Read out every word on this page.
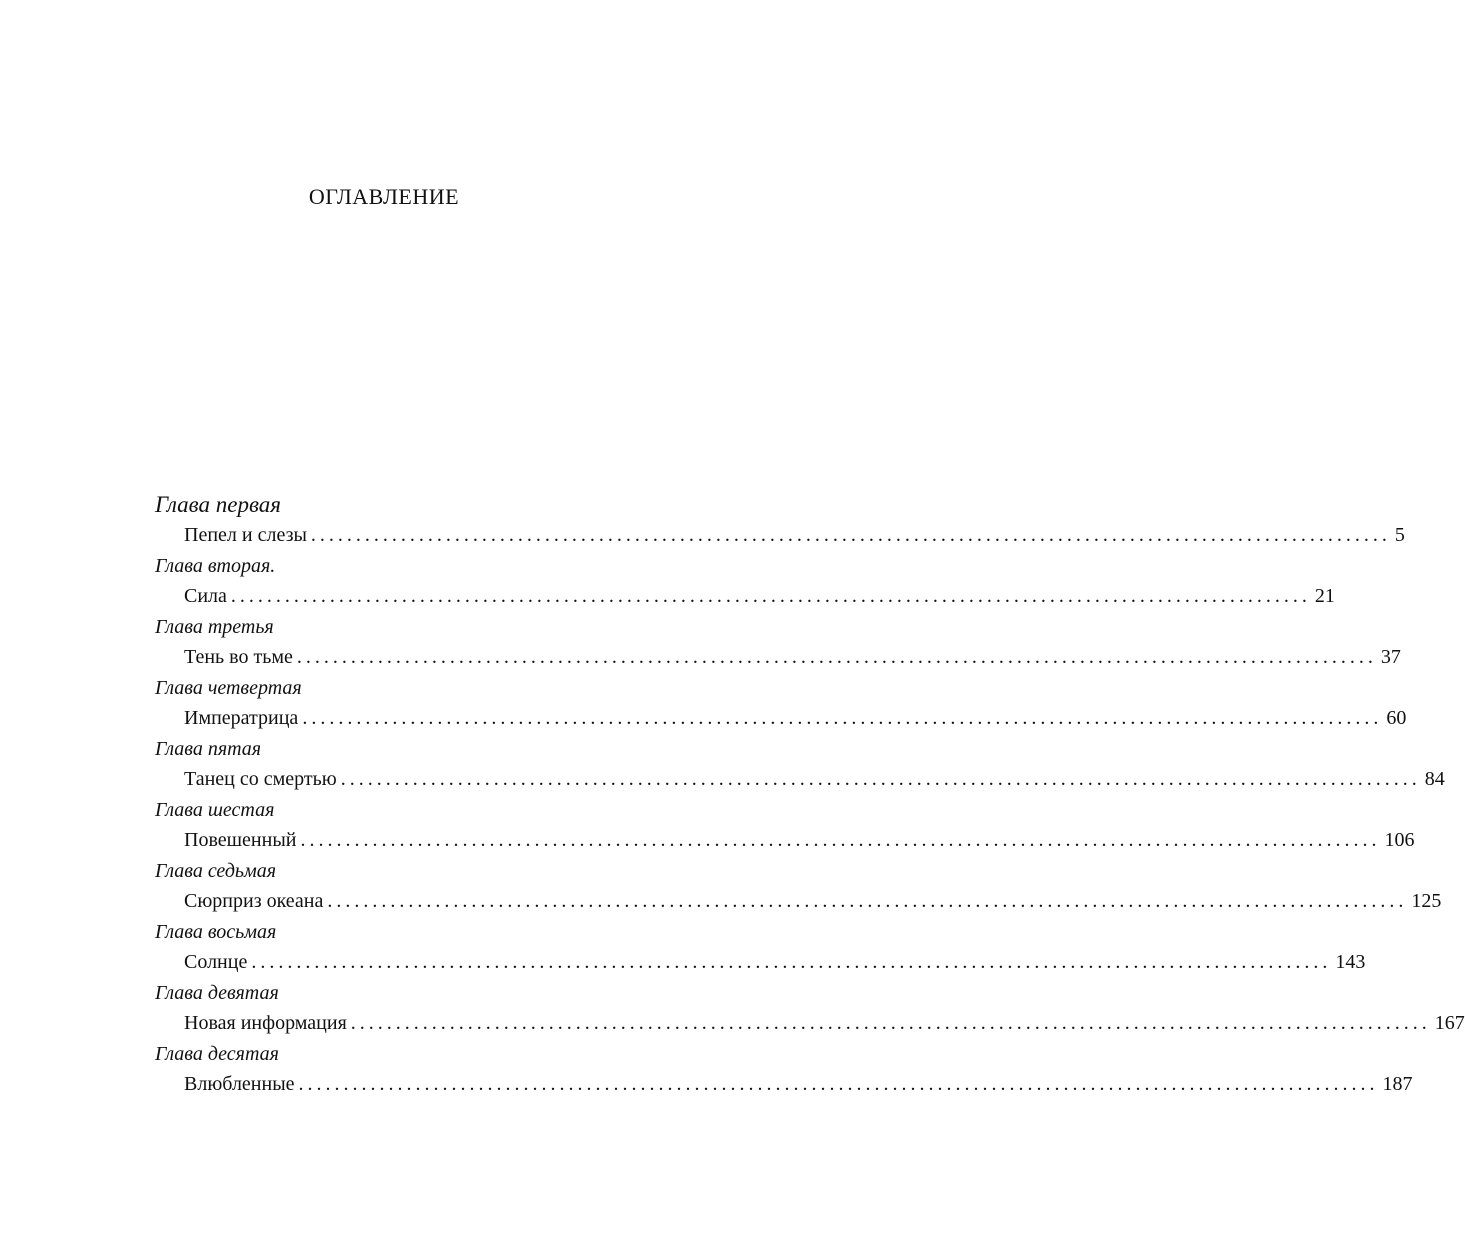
ОГЛАВЛЕНИЕ
Глава первая
Пепел и слезы ........................................................................................................................ 5
Глава вторая.
Сила ........................................................................................................................ 21
Глава третья
Тень во тьме ........................................................................................................................ 37
Глава четвертая
Императрица ........................................................................................................................ 60
Глава пятая
Танец со смертью ........................................................................................................................ 84
Глава шестая
Повешенный ........................................................................................................................ 106
Глава седьмая
Сюрприз океана ........................................................................................................................ 125
Глава восьмая
Солнце ........................................................................................................................ 143
Глава девятая
Новая информация ........................................................................................................................ 167
Глава десятая
Влюбленные ........................................................................................................................ 187
